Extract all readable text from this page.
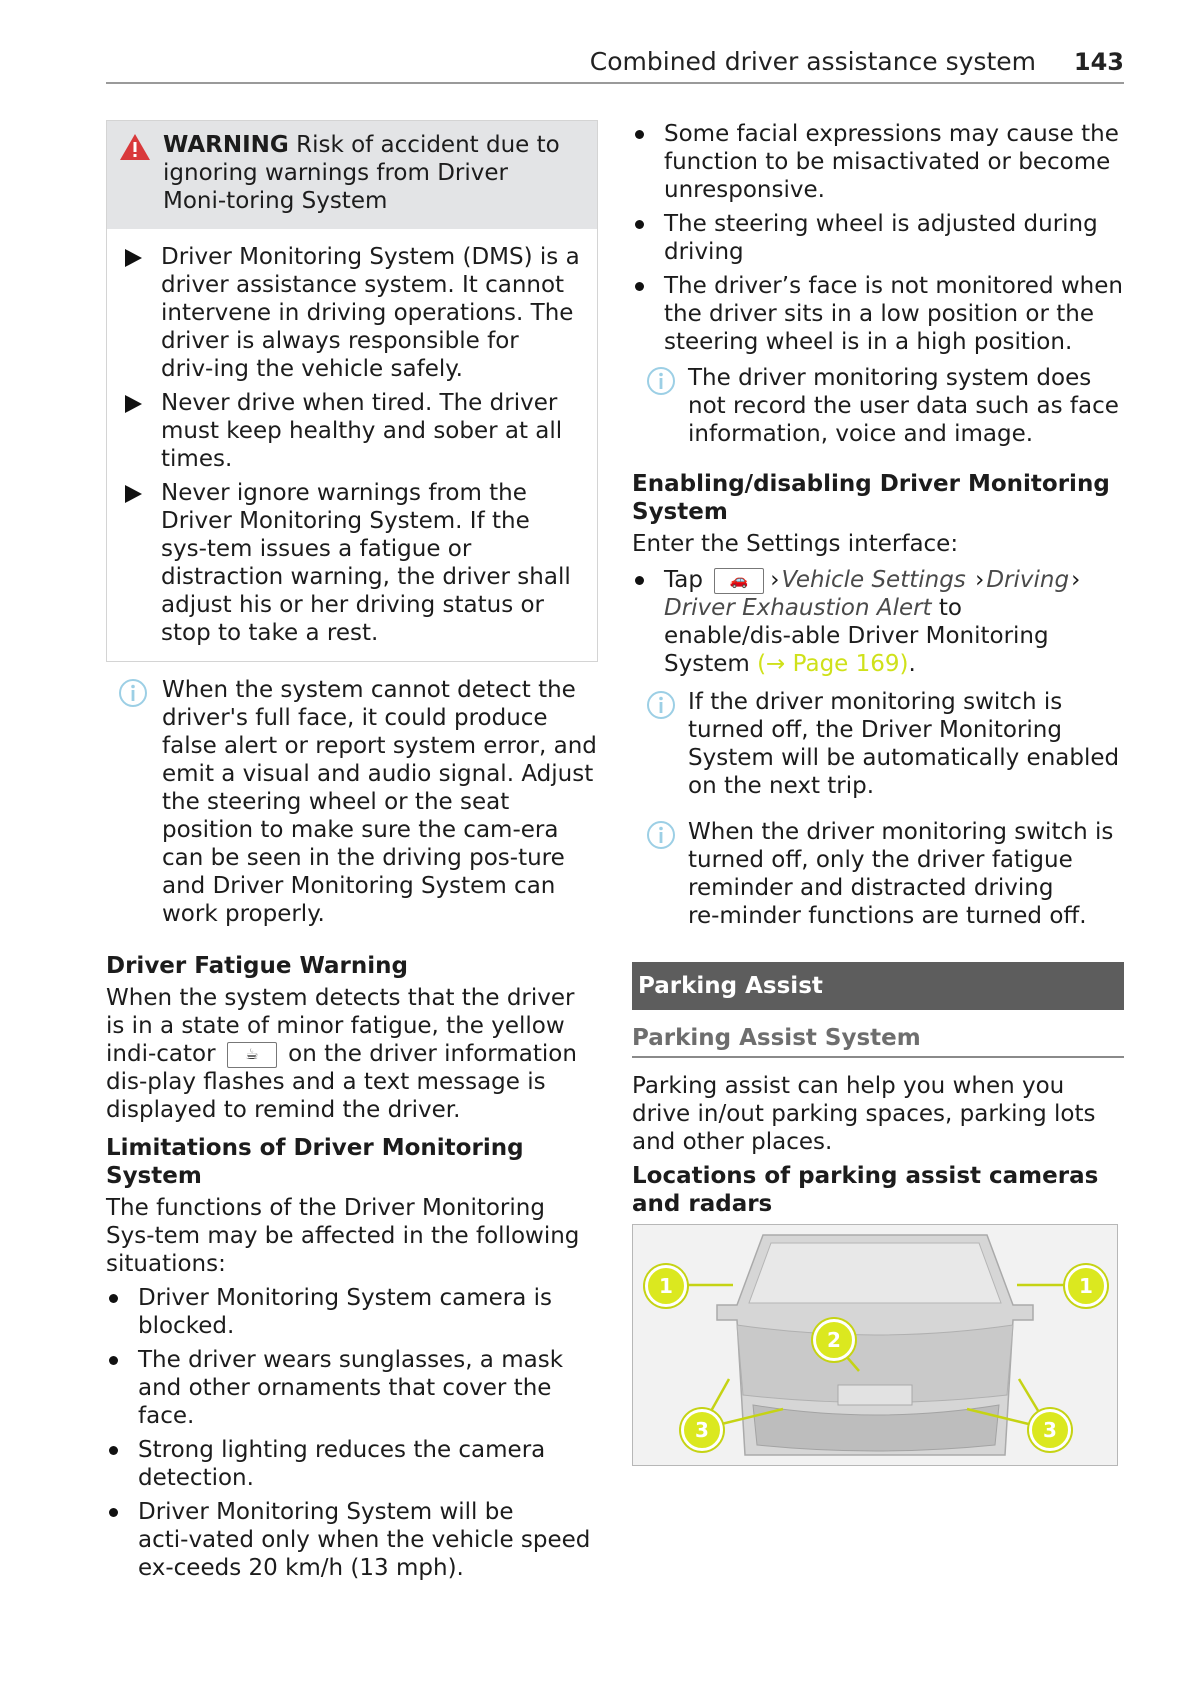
Combined driver assistance system 143
WARNING Risk of accident due to ignoring warnings from Driver Moni‑toring System
Driver Monitoring System (DMS) is a driver assistance system. It cannot intervene in driving operations. The driver is always responsible for driv‑ing the vehicle safely.
Never drive when tired. The driver must keep healthy and sober at all times.
Never ignore warnings from the Driver Monitoring System. If the sys‑tem issues a fatigue or distraction warning, the driver shall adjust his or her driving status or stop to take a rest.
When the system cannot detect the driver's full face, it could produce false alert or report system error, and emit a visual and audio signal. Adjust the steering wheel or the seat position to make sure the cam‑era can be seen in the driving pos‑ture and Driver Monitoring System can work properly.
Driver Fatigue Warning

When the system detects that the driver is in a state of minor fatigue, the yellow indi‑cator ☕ on the driver information dis‑play flashes and a text message is displayed to remind the driver.

Limitations of Driver Monitoring System

The functions of the Driver Monitoring Sys‑tem may be affected in the following situations:

Driver Monitoring System camera is blocked.
The driver wears sunglasses, a mask and other ornaments that cover the face.
Strong lighting reduces the camera detection.
Driver Monitoring System will be acti‑vated only when the vehicle speed ex‑ceeds 20 km/h (13 mph).
Some facial expressions may cause the function to be misactivated or become unresponsive.
The steering wheel is adjusted during driving
The driver’s face is not monitored when the driver sits in a low position or the steering wheel is in a high position.
The driver monitoring system does not record the user data such as face information, voice and image.
Enabling/disabling Driver Monitoring System

Enter the Settings interface:

Tap 🚗 ›Vehicle Settings ›Driving› Driver Exhaustion Alert to enable/dis‑able Driver Monitoring System (→ Page 169).
If the driver monitoring switch is turned off, the Driver Monitoring System will be automatically enabled on the next trip.
When the driver monitoring switch is turned off, only the driver fatigue reminder and distracted driving re‑minder functions are turned off.
Parking Assist
Parking Assist System

Parking assist can help you when you drive in/out parking spaces, parking lots and other places.

Locations of parking assist cameras and radars
1	1
2
3	3
